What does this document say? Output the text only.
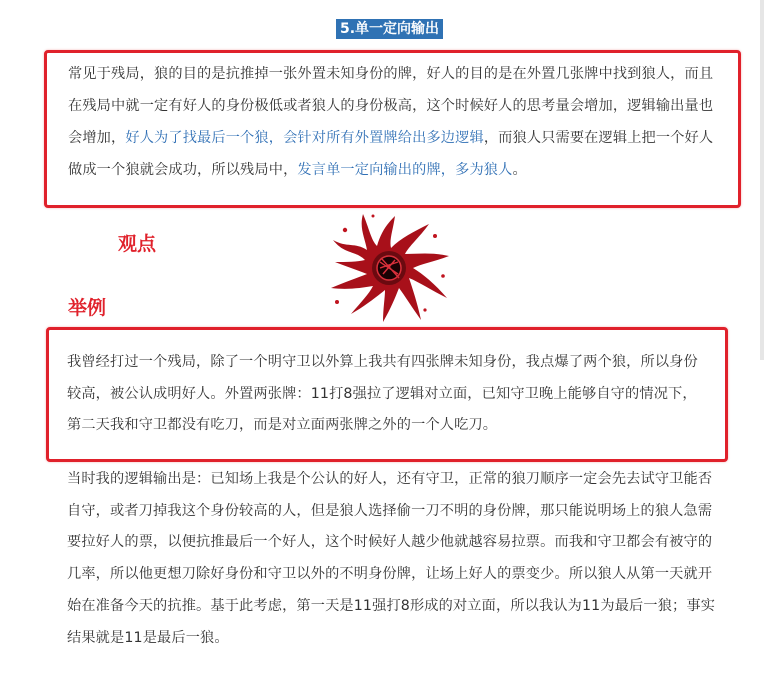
5.单一定向输出
常见于残局，狼的目的是抗推掉一张外置未知身份的牌，好人的目的是在外置几张牌中找到狼人，而且在残局中就一定有好人的身份极低或者狼人的身份极高，这个时候好人的思考量会增加，逻辑输出量也会增加，好人为了找最后一个狼，会针对所有外置牌给出多边逻辑，而狼人只需要在逻辑上把一个好人做成一个狼就会成功，所以残局中，发言单一定向输出的牌，多为狼人。
观点
举例
我曾经打过一个残局，除了一个明守卫以外算上我共有四张牌未知身份，我点爆了两个狼，所以身份较高，被公认成明好人。外置两张牌：11打8强拉了逻辑对立面，已知守卫晚上能够自守的情况下，第二天我和守卫都没有吃刀，而是对立面两张牌之外的一个人吃刀。
当时我的逻辑输出是：已知场上我是个公认的好人，还有守卫，正常的狼刀顺序一定会先去试守卫能否自守，或者刀掉我这个身份较高的人，但是狼人选择偷一刀不明的身份牌，那只能说明场上的狼人急需要拉好人的票，以便抗推最后一个好人，这个时候好人越少他就越容易拉票。而我和守卫都会有被守的几率，所以他更想刀除好身份和守卫以外的不明身份牌，让场上好人的票变少。所以狼人从第一天就开始在准备今天的抗推。基于此考虑，第一天是11强打8形成的对立面，所以我认为11为最后一狼；事实结果就是11是最后一狼。
